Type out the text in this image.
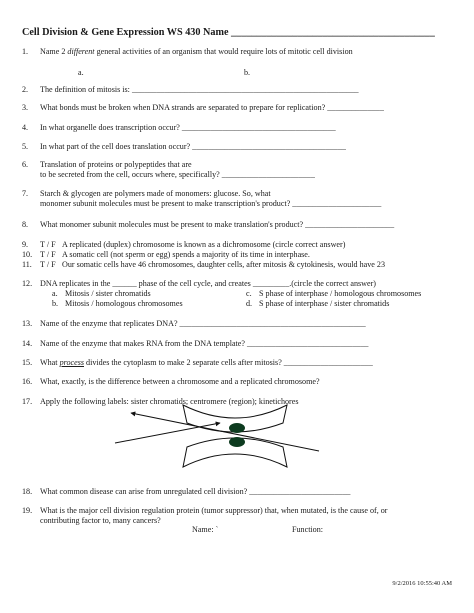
Cell Division & Gene Expression WS 430 Name ________________________________________
1. Name 2 different general activities of an organism that would require lots of mitotic cell division
a.	b.
2. The definition of mitosis is: ________________________________________________________
3. What bonds must be broken when DNA strands are separated to prepare for replication? ______________
4. In what organelle does transcription occur? ______________________________________
5. In what part of the cell does translation occur? ______________________________________
6. Translation of proteins or polypeptides that are
to be secreted from the cell, occurs where, specifically? _______________________
7. Starch & glycogen are polymers made of monomers: glucose. So, what
monomer subunit molecules must be present to make transcription's product? ______________________
8. What monomer subunit molecules must be present to make translation's product? ______________________
9. T / F A replicated (duplex) chromosome is known as a dichromosome (circle correct answer)
10. T / F A somatic cell (not sperm or egg) spends a majority of its time in interphase.
11. T / F Our somatic cells have 46 chromosomes, daughter cells, after mitosis & cytokinesis, would have 23
12. DNA replicates in the ______ phase of the cell cycle, and creates _________.(circle the correct answer)
a. Mitosis / sister chromatids	c. S phase of interphase / homologous chromosomes
b. Mitosis / homologous chromosomes	d. S phase of interphase / sister chromatids
13. Name of the enzyme that replicates DNA? ______________________________________________
14. Name of the enzyme that makes RNA from the DNA template? ______________________________
15. What process divides the cytoplasm to make 2 separate cells after mitosis? ______________________
16. What, exactly, is the difference between a chromosome and a replicated chromosome?
17. Apply the following labels: sister chromatids; centromere (region); kinetichores
18. What common disease can arise from unregulated cell division? _________________________
19. What is the major cell division regulation protein (tumor suppressor) that, when mutated, is the cause of, or
contributing factor to, many cancers?
Name: `	Function:
9/2/2016 10:55:40 AM
